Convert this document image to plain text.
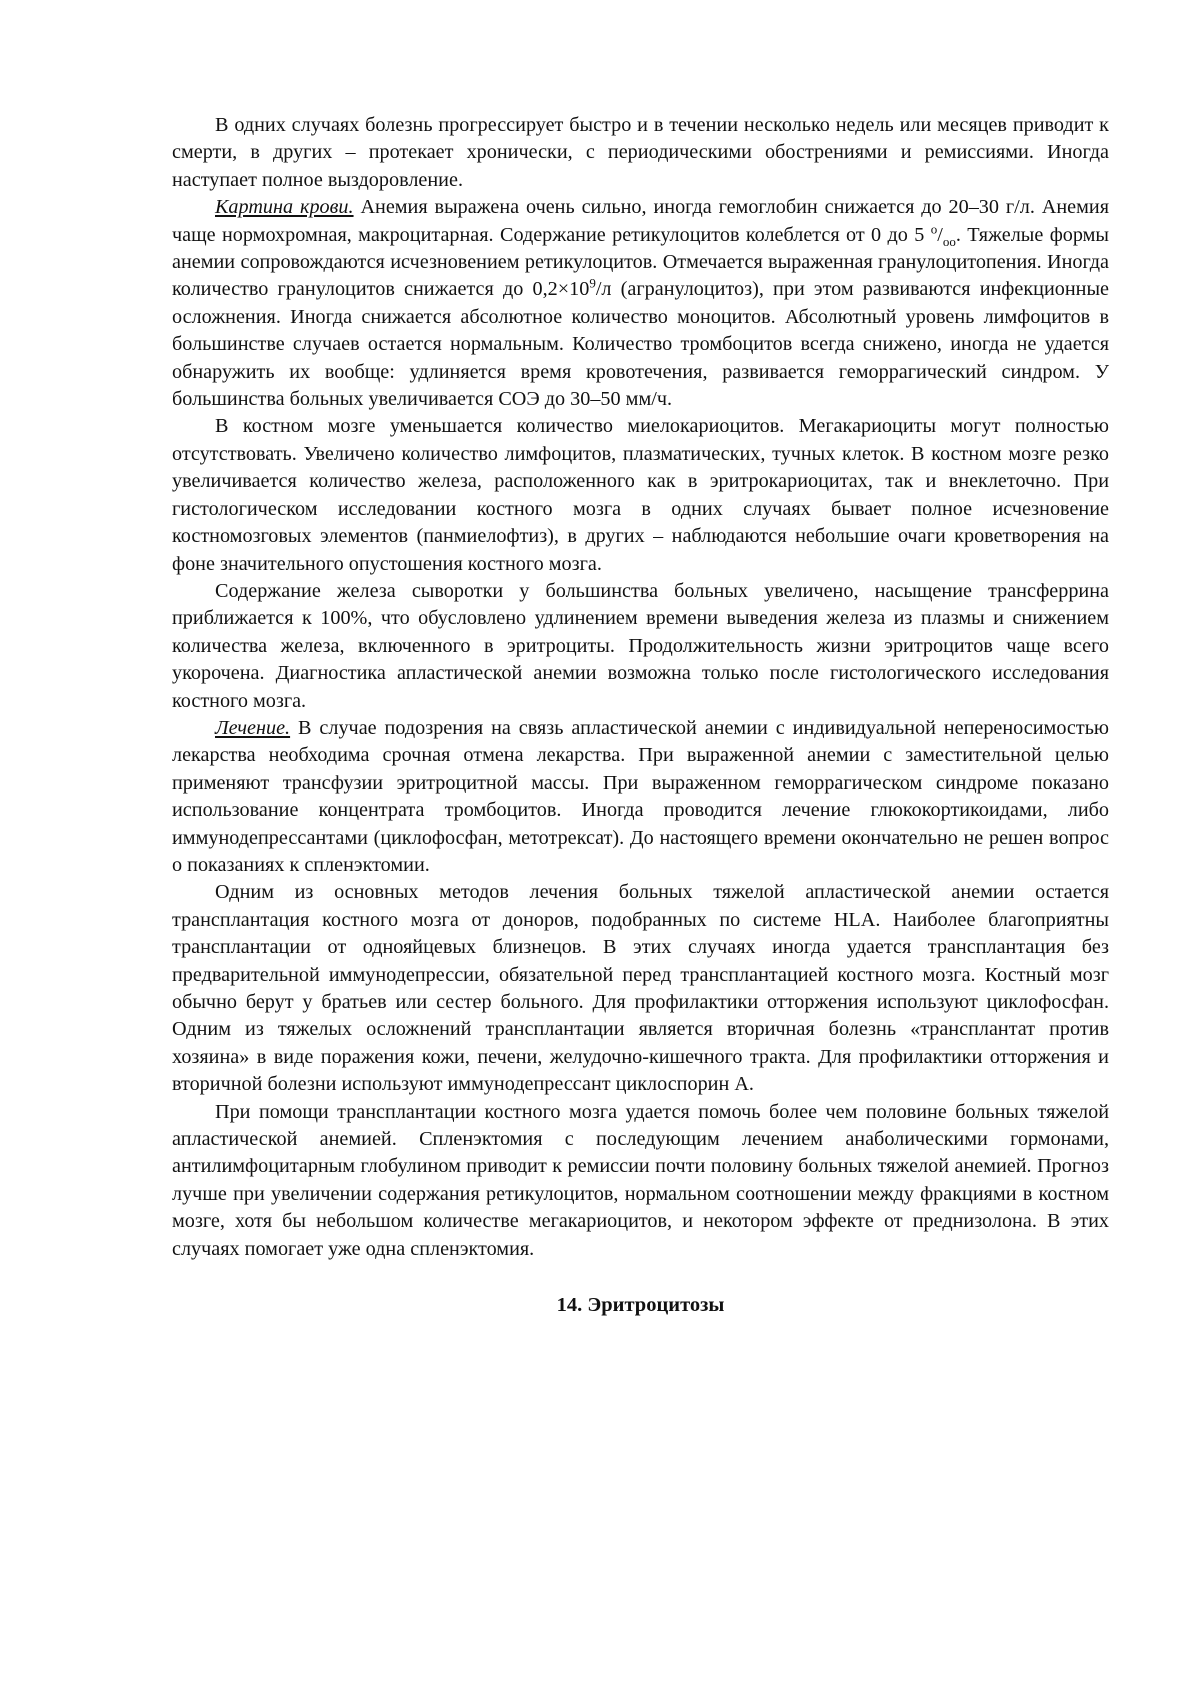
В одних случаях болезнь прогрессирует быстро и в течении несколько недель или месяцев приводит к смерти, в других – протекает хронически, с периодическими обострениями и ремиссиями. Иногда наступает полное выздоровление.

Картина крови. Анемия выражена очень сильно, иногда гемоглобин снижается до 20–30 г/л. Анемия чаще нормохромная, макроцитарная. Содержание ретикулоцитов колеблется от 0 до 5 $^о/_{оо}$. Тяжелые формы анемии сопровождаются исчезновением ретикулоцитов. Отмечается выраженная гранулоцитопения. Иногда количество гранулоцитов снижается до $0,2\times 10^9/л$ (агранулоцитоз), при этом развиваются инфекционные осложнения. Иногда снижается абсолютное количество моноцитов. Абсолютный уровень лимфоцитов в большинстве случаев остается нормальным. Количество тромбоцитов всегда снижено, иногда не удается обнаружить их вообще: удлиняется время кровотечения, развивается геморрагический синдром. У большинства больных увеличивается СОЭ до 30–50 мм/ч.

В костном мозге уменьшается количество миелокариоцитов. Мегакариоциты могут полностью отсутствовать. Увеличено количество лимфоцитов, плазматических, тучных клеток. В костном мозге резко увеличивается количество железа, расположенного как в эритрокариоцитах, так и внеклеточно. При гистологическом исследовании костного мозга в одних случаях бывает полное исчезновение костномозговых элементов (панмиелофтиз), в других – наблюдаются небольшие очаги кроветворения на фоне значительного опустошения костного мозга.

Содержание железа сыворотки у большинства больных увеличено, насыщение трансферрина приближается к 100%, что обусловлено удлинением времени выведения железа из плазмы и снижением количества железа, включенного в эритроциты. Продолжительность жизни эритроцитов чаще всего укорочена. Диагностика апластической анемии возможна только после гистологического исследования костного мозга.

Лечение. В случае подозрения на связь апластической анемии с индивидуальной непереносимостью лекарства необходима срочная отмена лекарства. При выраженной анемии с заместительной целью применяют трансфузии эритроцитной массы. При выраженном геморрагическом синдроме показано использование концентрата тромбоцитов. Иногда проводится лечение глюкокортикоидами, либо иммунодепрессантами (циклофосфан, метотрексат). До настоящего времени окончательно не решен вопрос о показаниях к спленэктомии.

Одним из основных методов лечения больных тяжелой апластической анемии остается трансплантация костного мозга от доноров, подобранных по системе HLA. Наиболее благоприятны трансплантации от однояйцевых близнецов. В этих случаях иногда удается трансплантация без предварительной иммунодепрессии, обязательной перед трансплантацией костного мозга. Костный мозг обычно берут у братьев или сестер больного. Для профилактики отторжения используют циклофосфан. Одним из тяжелых осложнений трансплантации является вторичная болезнь «трансплантат против хозяина» в виде поражения кожи, печени, желудочно-кишечного тракта. Для профилактики отторжения и вторичной болезни используют иммунодепрессант циклоспорин А.

При помощи трансплантации костного мозга удается помочь более чем половине больных тяжелой апластической анемией. Спленэктомия с последующим лечением анаболическими гормонами, антилимфоцитарным глобулином приводит к ремиссии почти половину больных тяжелой анемией. Прогноз лучше при увеличении содержания ретикулоцитов, нормальном соотношении между фракциями в костном мозге, хотя бы небольшом количестве мегакариоцитов, и некотором эффекте от преднизолона. В этих случаях помогает уже одна спленэктомия.

14. Эритроцитозы
